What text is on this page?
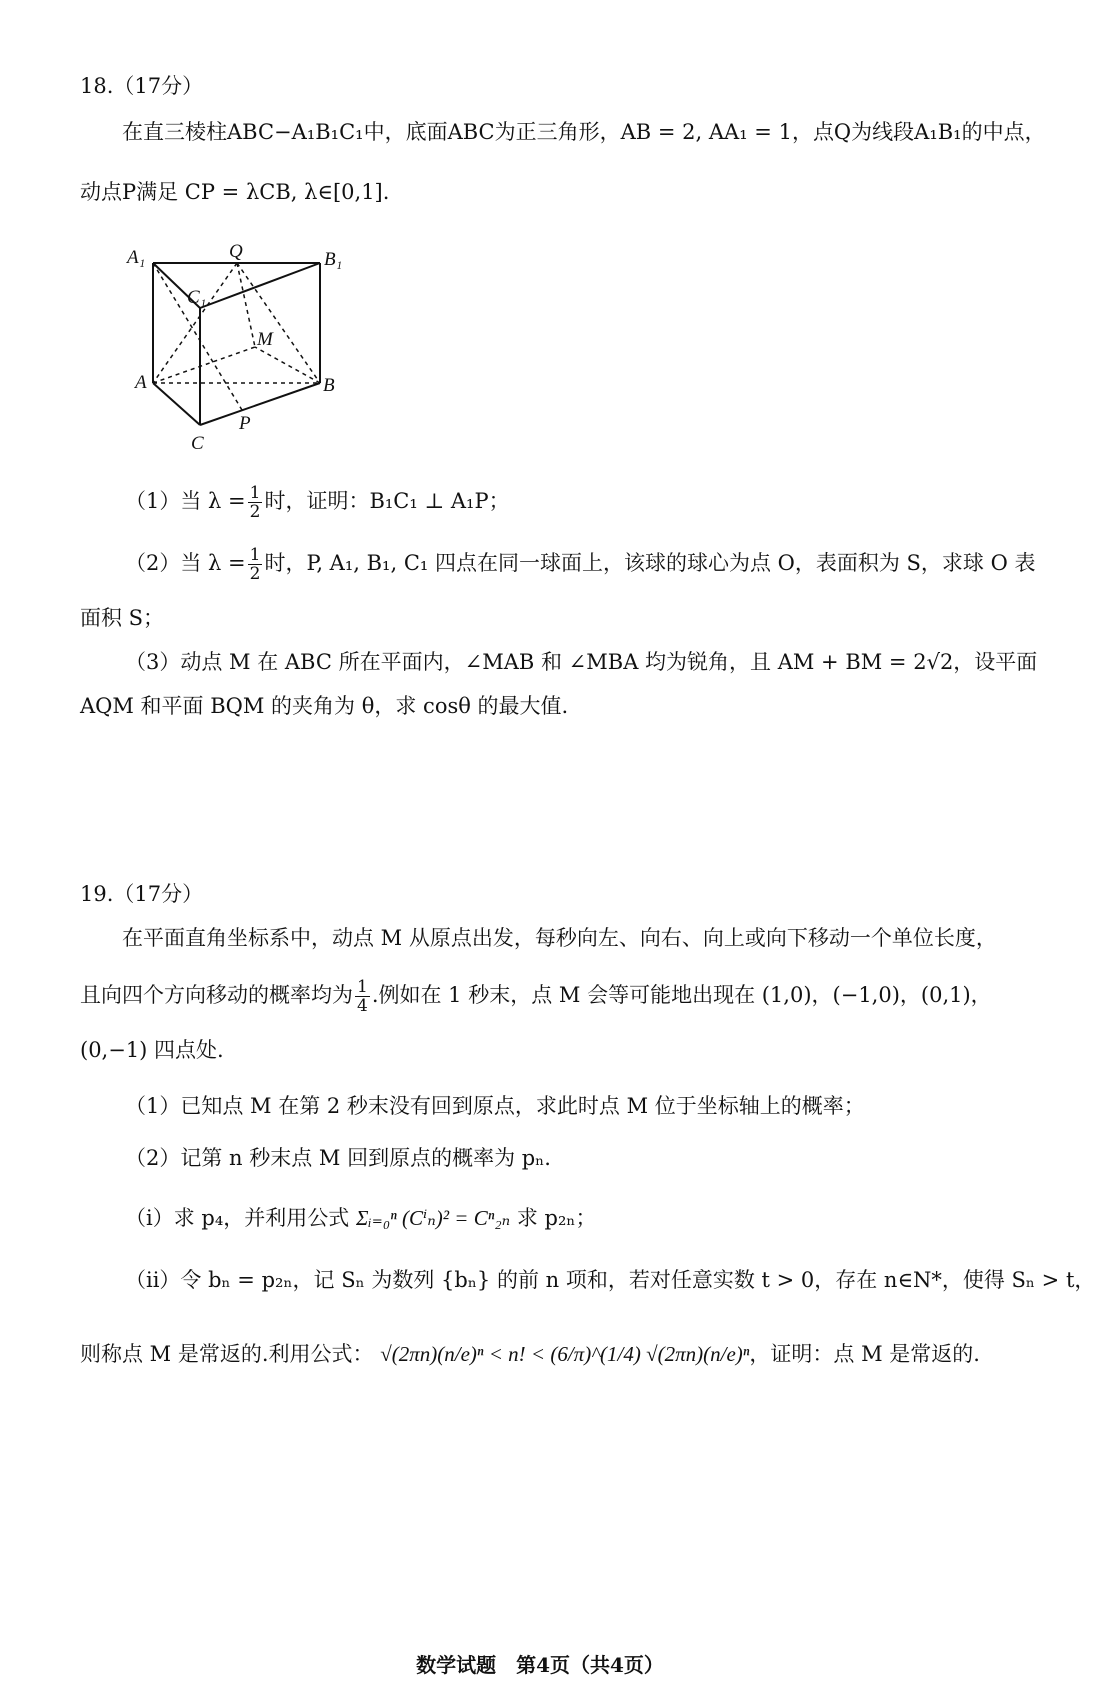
18.（17分）
在直三棱柱ABC−A₁B₁C₁中，底面ABC为正三角形，AB = 2, AA₁ = 1，点Q为线段A₁B₁的中点，
动点P满足 CP = λCB, λ∈[0,1].
A₁	Q	B₁
C₁
M
A	B
C
P
（1）当 $\lambda = \frac{1}{2}$ 时，证明：B₁C₁ ⊥ A₁P；
（2）当 $\lambda = \frac{1}{2}$ 时，P, A₁, B₁, C₁ 四点在同一球面上，该球的球心为点 O，表面积为 S，求球 O 表
面积 S；
（3）动点 M 在 ABC 所在平面内，∠MAB 和 ∠MBA 均为锐角，且 AM + BM = 2√2，设平面
AQM 和平面 BQM 的夹角为 θ，求 cosθ 的最大值.
19.（17分）
在平面直角坐标系中，动点 M 从原点出发，每秒向左、向右、向上或向下移动一个单位长度，
且向四个方向移动的概率均为 $\frac{1}{4}$ .例如在 1 秒末，点 M 会等可能地出现在 (1,0)，(−1,0)，(0,1)，
(0,−1) 四点处.
（1）已知点 M 在第 2 秒末没有回到原点，求此时点 M 位于坐标轴上的概率；
（2）记第 n 秒末点 M 回到原点的概率为 pₙ.
（i）求 p₄，并利用公式 Σᵢ₌₀ⁿ (Cⁱₙ)² = Cⁿ₂ₙ 求 p₂ₙ；
（ii）令 bₙ = p₂ₙ，记 Sₙ 为数列 {bₙ} 的前 n 项和，若对任意实数 t > 0，存在 n∈N*，使得 Sₙ > t，
则称点 M 是常返的.利用公式： √(2πn)(n/e)ⁿ < n! < (6/π)^(1/4) √(2πn)(n/e)ⁿ，证明：点 M 是常返的.
数学试题　第4页（共4页）
